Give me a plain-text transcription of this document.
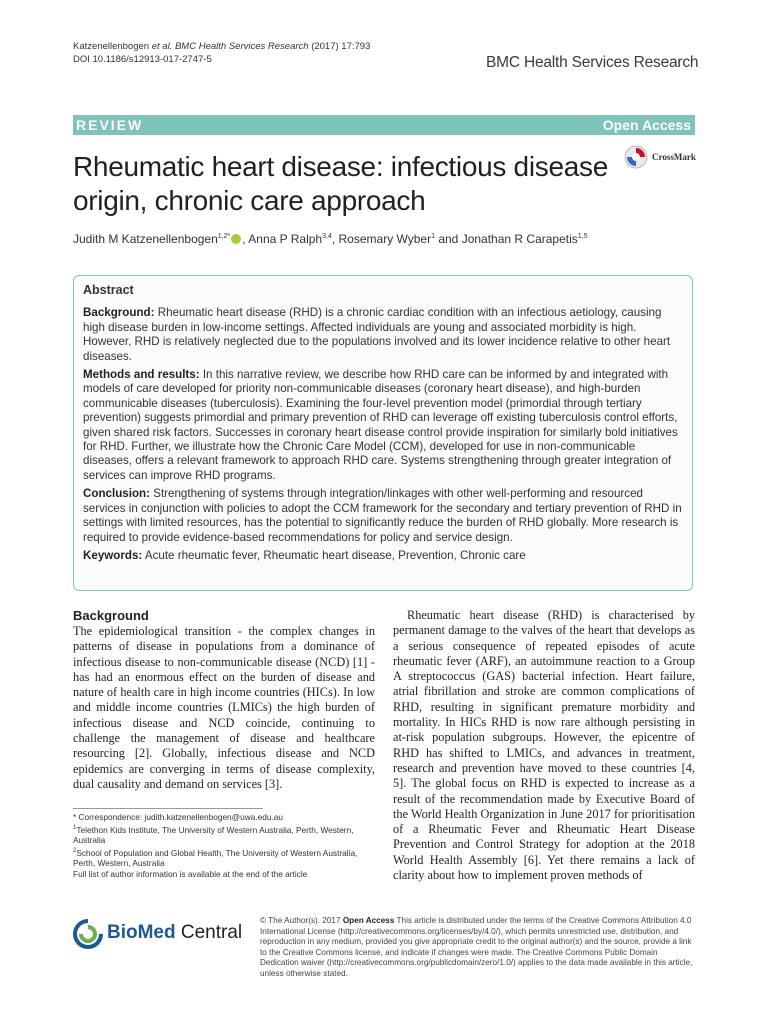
Katzenellenbogen et al. BMC Health Services Research (2017) 17:793
DOI 10.1186/s12913-017-2747-5	BMC Health Services Research
REVIEW	Open Access
Rheumatic heart disease: infectious disease origin, chronic care approach
CrossMark
Judith M Katzenellenbogen$^{1,2*}$ , Anna P Ralph$^{3,4}$, Rosemary Wyber$^1$ and Jonathan R Carapetis$^{1,5}$
Abstract

Background: Rheumatic heart disease (RHD) is a chronic cardiac condition with an infectious aetiology, causing high disease burden in low-income settings. Affected individuals are young and associated morbidity is high. However, RHD is relatively neglected due to the populations involved and its lower incidence relative to other heart diseases.

Methods and results: In this narrative review, we describe how RHD care can be informed by and integrated with models of care developed for priority non-communicable diseases (coronary heart disease), and high-burden communicable diseases (tuberculosis). Examining the four-level prevention model (primordial through tertiary prevention) suggests primordial and primary prevention of RHD can leverage off existing tuberculosis control efforts, given shared risk factors. Successes in coronary heart disease control provide inspiration for similarly bold initiatives for RHD. Further, we illustrate how the Chronic Care Model (CCM), developed for use in non-communicable diseases, offers a relevant framework to approach RHD care. Systems strengthening through greater integration of services can improve RHD programs.

Conclusion: Strengthening of systems through integration/linkages with other well-performing and resourced services in conjunction with policies to adopt the CCM framework for the secondary and tertiary prevention of RHD in settings with limited resources, has the potential to significantly reduce the burden of RHD globally. More research is required to provide evidence-based recommendations for policy and service design.

Keywords: Acute rheumatic fever, Rheumatic heart disease, Prevention, Chronic care

Background

The epidemiological transition - the complex changes in patterns of disease in populations from a dominance of infectious disease to non-communicable disease (NCD) [1] - has had an enormous effect on the burden of disease and nature of health care in high income countries (HICs). In low and middle income countries (LMICs) the high burden of infectious disease and NCD coincide, continuing to challenge the management of disease and healthcare resourcing [2]. Globally, infectious disease and NCD epidemics are converging in terms of disease complexity, dual causality and demand on services [3].

Rheumatic heart disease (RHD) is characterised by permanent damage to the valves of the heart that develops as a serious consequence of repeated episodes of acute rheumatic fever (ARF), an autoimmune reaction to a Group A streptococcus (GAS) bacterial infection. Heart failure, atrial fibrillation and stroke are common complications of RHD, resulting in significant premature morbidity and mortality. In HICs RHD is now rare although persisting in at-risk population subgroups. However, the epicentre of RHD has shifted to LMICs, and advances in treatment, research and prevention have moved to these countries [4, 5]. The global focus on RHD is expected to increase as a result of the recommendation made by Executive Board of the World Health Organization in June 2017 for prioritisation of a Rheumatic Fever and Rheumatic Heart Disease Prevention and Control Strategy for adoption at the 2018 World Health Assembly [6]. Yet there remains a lack of clarity about how to implement proven methods of

* Correspondence: judith.katzenellenbogen@uwa.edu.au

$^1$Telethon Kids Institute, The University of Western Australia, Perth, Western, Australia

$^2$School of Population and Global Health, The University of Western Australia, Perth, Western, Australia

Full list of author information is available at the end of the article

BioMed Central
© The Author(s). 2017 Open Access This article is distributed under the terms of the Creative Commons Attribution 4.0 International License (http://creativecommons.org/licenses/by/4.0/), which permits unrestricted use, distribution, and reproduction in any medium, provided you give appropriate credit to the original author(s) and the source, provide a link to the Creative Commons license, and indicate if changes were made. The Creative Commons Public Domain Dedication waiver (http://creativecommons.org/publicdomain/zero/1.0/) applies to the data made available in this article, unless otherwise stated.
